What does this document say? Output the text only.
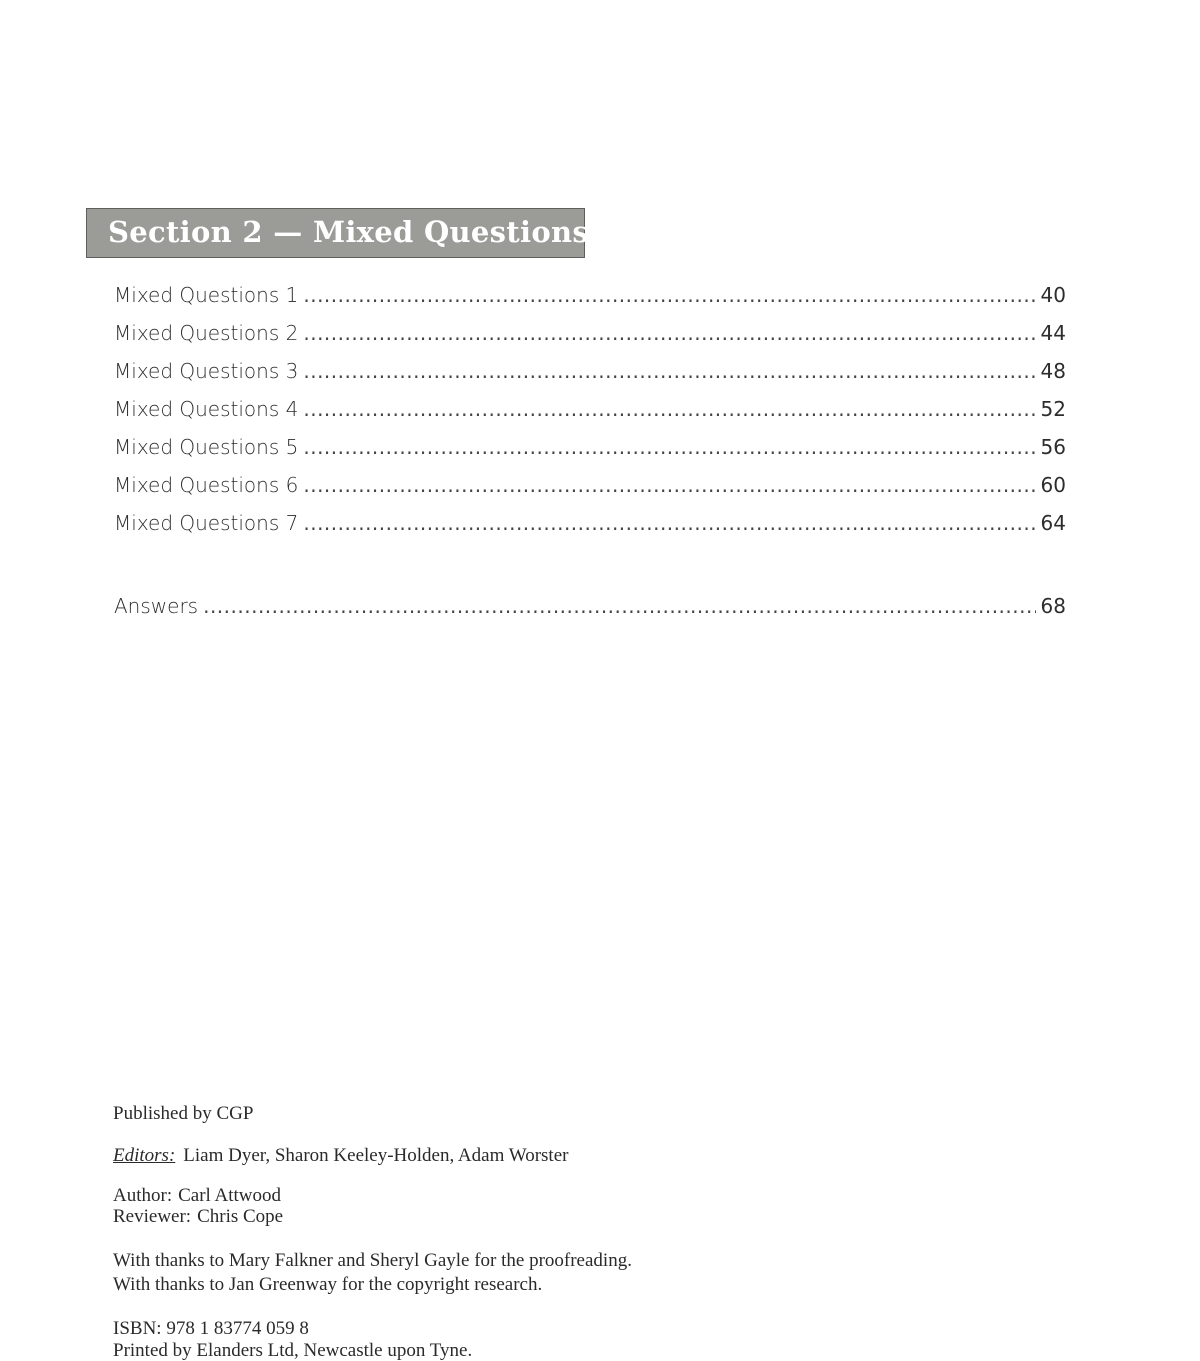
Section 2 — Mixed Questions
Mixed Questions 1 .....	40
Mixed Questions 2 .....	44
Mixed Questions 3 .....	48
Mixed Questions 4 .....	52
Mixed Questions 5 .....	56
Mixed Questions 6 .....	60
Mixed Questions 7 .....	64
Answers .....	68

Published by CGP

Editors: Liam Dyer, Sharon Keeley-Holden, Adam Worster

Author: Carl Attwood

Reviewer: Chris Cope

With thanks to Mary Falkner and Sheryl Gayle for the proofreading.

With thanks to Jan Greenway for the copyright research.

ISBN: 978 1 83774 059 8

Printed by Elanders Ltd, Newcastle upon Tyne.
